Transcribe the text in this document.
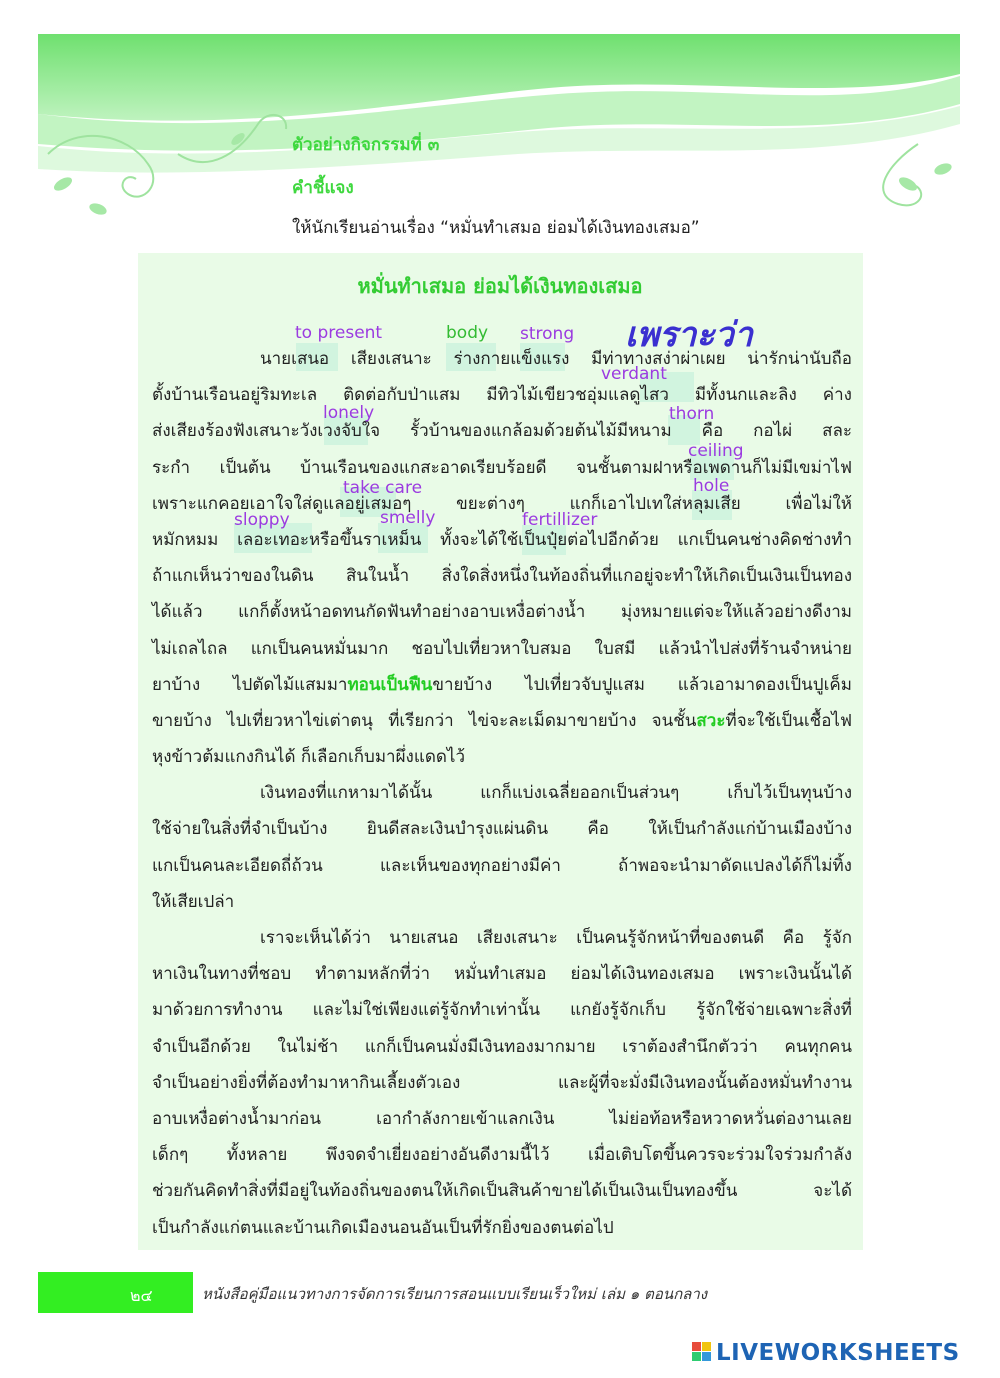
ตัวอย่างกิจกรรมที่ ๓
คำชี้แจง
ให้นักเรียนอ่านเรื่อง “หมั่นทำเสมอ ย่อมได้เงินทองเสมอ”
หมั่นทำเสมอ ย่อมได้เงินทองเสมอ
นายเสนอ เสียงเสนาะ ร่างกายแข็งแรง มีท่าทางสง่าผ่าเผย น่ารักน่านับถือ
ตั้งบ้านเรือนอยู่ริมทะเล ติดต่อกับป่าแสม มีทิวไม้เขียวชอุ่มแลดูไสว มีทั้งนกและลิง ค่าง
ส่งเสียงร้องฟังเสนาะวังเวงจับใจ รั้วบ้านของแกล้อมด้วยต้นไม้มีหนาม คือ กอไผ่ สละ
ระกำ เป็นต้น บ้านเรือนของแกสะอาดเรียบร้อยดี จนชั้นตามฝาหรือเพดานก็ไม่มีเขม่าไฟ
เพราะแกคอยเอาใจใส่ดูแลอยู่เสมอๆ ขยะต่างๆ แกก็เอาไปเทใส่หลุมเสีย เพื่อไม่ให้
หมักหมม เลอะเทอะหรือขึ้นราเหม็น ทั้งจะได้ใช้เป็นปุ๋ยต่อไปอีกด้วย แกเป็นคนช่างคิดช่างทำ
ถ้าแกเห็นว่าของในดิน สินในน้ำ สิ่งใดสิ่งหนึ่งในท้องถิ่นที่แกอยู่จะทำให้เกิดเป็นเงินเป็นทอง
ได้แล้ว แกก็ตั้งหน้าอดทนกัดฟันทำอย่างอาบเหงื่อต่างน้ำ มุ่งหมายแต่จะให้แล้วอย่างดีงาม
ไม่เถลไถล แกเป็นคนหมั่นมาก ชอบไปเที่ยวหาใบสมอ ใบสมี แล้วนำไปส่งที่ร้านจำหน่าย
ยาบ้าง ไปตัดไม้แสมมาทอนเป็นฟืนขายบ้าง ไปเที่ยวจับปูแสม แล้วเอามาดองเป็นปูเค็ม
ขายบ้าง ไปเที่ยวหาไข่เต่าตนุ ที่เรียกว่า ไข่จะละเม็ดมาขายบ้าง จนชั้นสวะที่จะใช้เป็นเชื้อไฟ
หุงข้าวต้มแกงกินได้ ก็เลือกเก็บมาผึ่งแดดไว้
เงินทองที่แกหามาได้นั้น แกก็แบ่งเฉลี่ยออกเป็นส่วนๆ เก็บไว้เป็นทุนบ้าง
ใช้จ่ายในสิ่งที่จำเป็นบ้าง ยินดีสละเงินบำรุงแผ่นดิน คือ ให้เป็นกำลังแก่บ้านเมืองบ้าง
แกเป็นคนละเอียดถี่ถ้วน และเห็นของทุกอย่างมีค่า ถ้าพอจะนำมาดัดแปลงได้ก็ไม่ทิ้ง
ให้เสียเปล่า
เราจะเห็นได้ว่า นายเสนอ เสียงเสนาะ เป็นคนรู้จักหน้าที่ของตนดี คือ รู้จัก
หาเงินในทางที่ชอบ ทำตามหลักที่ว่า หมั่นทำเสมอ ย่อมได้เงินทองเสมอ เพราะเงินนั้นได้
มาด้วยการทำงาน และไม่ใช่เพียงแต่รู้จักทำเท่านั้น แกยังรู้จักเก็บ รู้จักใช้จ่ายเฉพาะสิ่งที่
จำเป็นอีกด้วย ในไม่ช้า แกก็เป็นคนมั่งมีเงินทองมากมาย เราต้องสำนึกตัวว่า คนทุกคน
จำเป็นอย่างยิ่งที่ต้องทำมาหากินเลี้ยงตัวเอง และผู้ที่จะมั่งมีเงินทองนั้นต้องหมั่นทำงาน
อาบเหงื่อต่างน้ำมาก่อน เอากำลังกายเข้าแลกเงิน ไม่ย่อท้อหรือหวาดหวั่นต่องานเลย
เด็กๆ ทั้งหลาย พึงจดจำเยี่ยงอย่างอันดีงามนี้ไว้ เมื่อเติบโตขึ้นควรจะร่วมใจร่วมกำลัง
ช่วยกันคิดทำสิ่งที่มีอยู่ในท้องถิ่นของตนให้เกิดเป็นสินค้าขายได้เป็นเงินเป็นทองขึ้น จะได้
เป็นกำลังแก่ตนและบ้านเกิดเมืองนอนอันเป็นที่รักยิ่งของตนต่อไป
to present	body strong เพราะว่า
verdant
lonely	thorn
ceiling
take care	hole
sloppy	smelly	fertillizer
๒๔	หนังสือคู่มือแนวทางการจัดการเรียนการสอนแบบเรียนเร็วใหม่ เล่ม ๑ ตอนกลาง
LIVEWORKSHEETS
